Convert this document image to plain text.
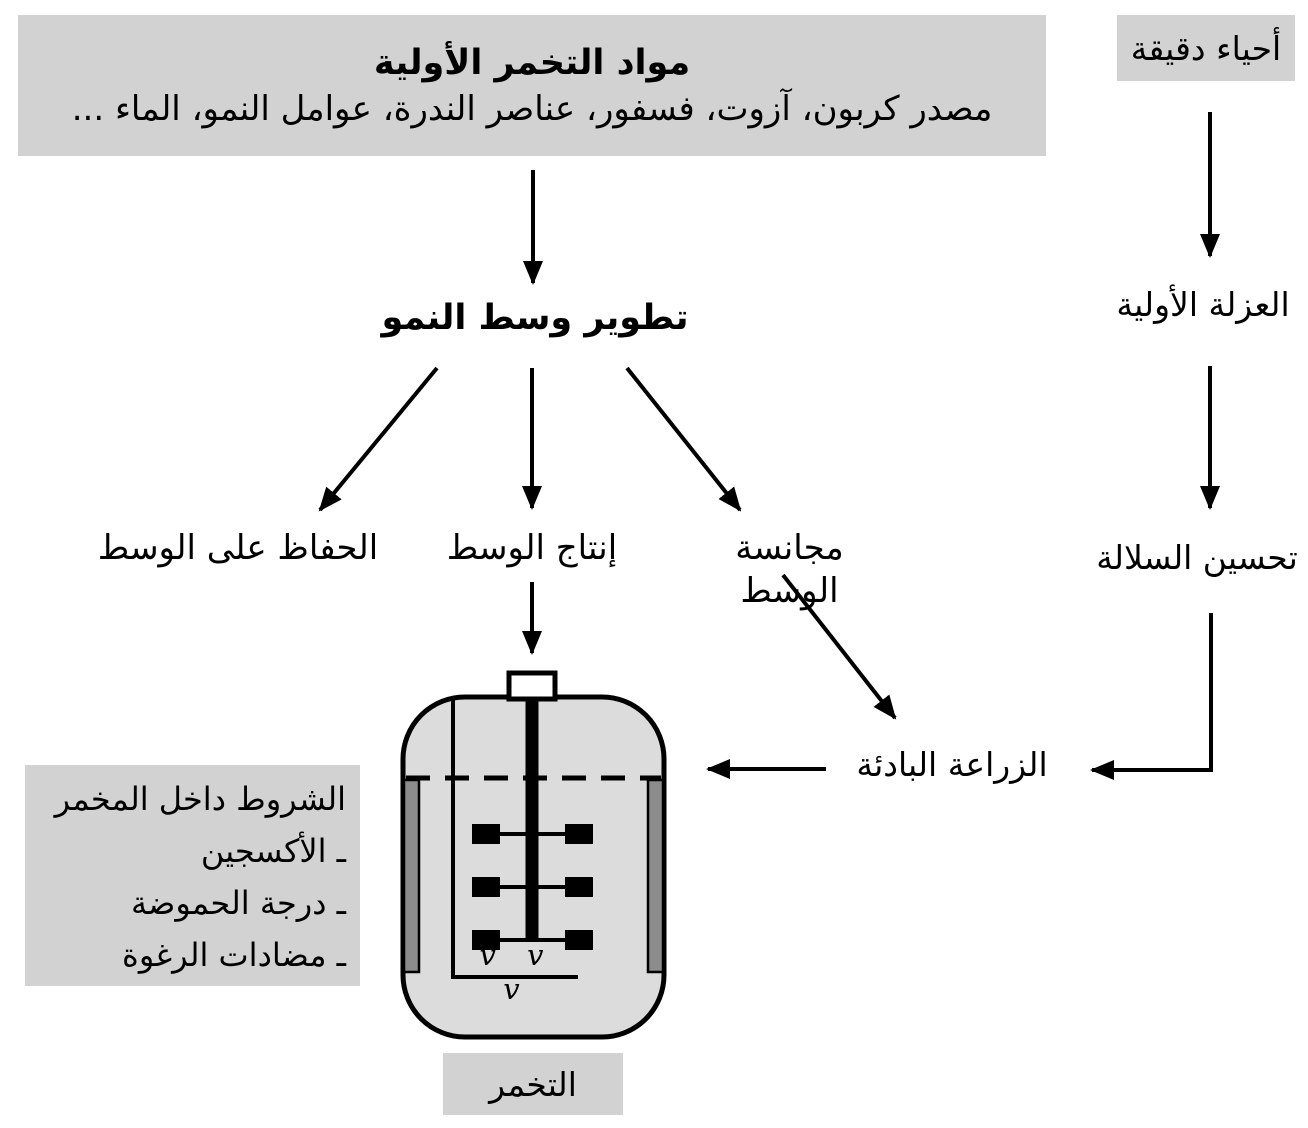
مواد التخمر الأولية
مصدر كربون، آزوت، فسفور، عناصر الندرة، عوامل النمو، الماء ...
أحياء دقيقة
تطوير وسط النمو
الحفاظ على الوسط	إنتاج الوسط	مجانسة الوسط
العزلة الأولية
تحسين السلالة
الزراعة البادئة
الشروط داخل المخمر
ـ الأكسجين
ـ درجة الحموضة
ـ مضادات الرغوة	v v v
التخمر
